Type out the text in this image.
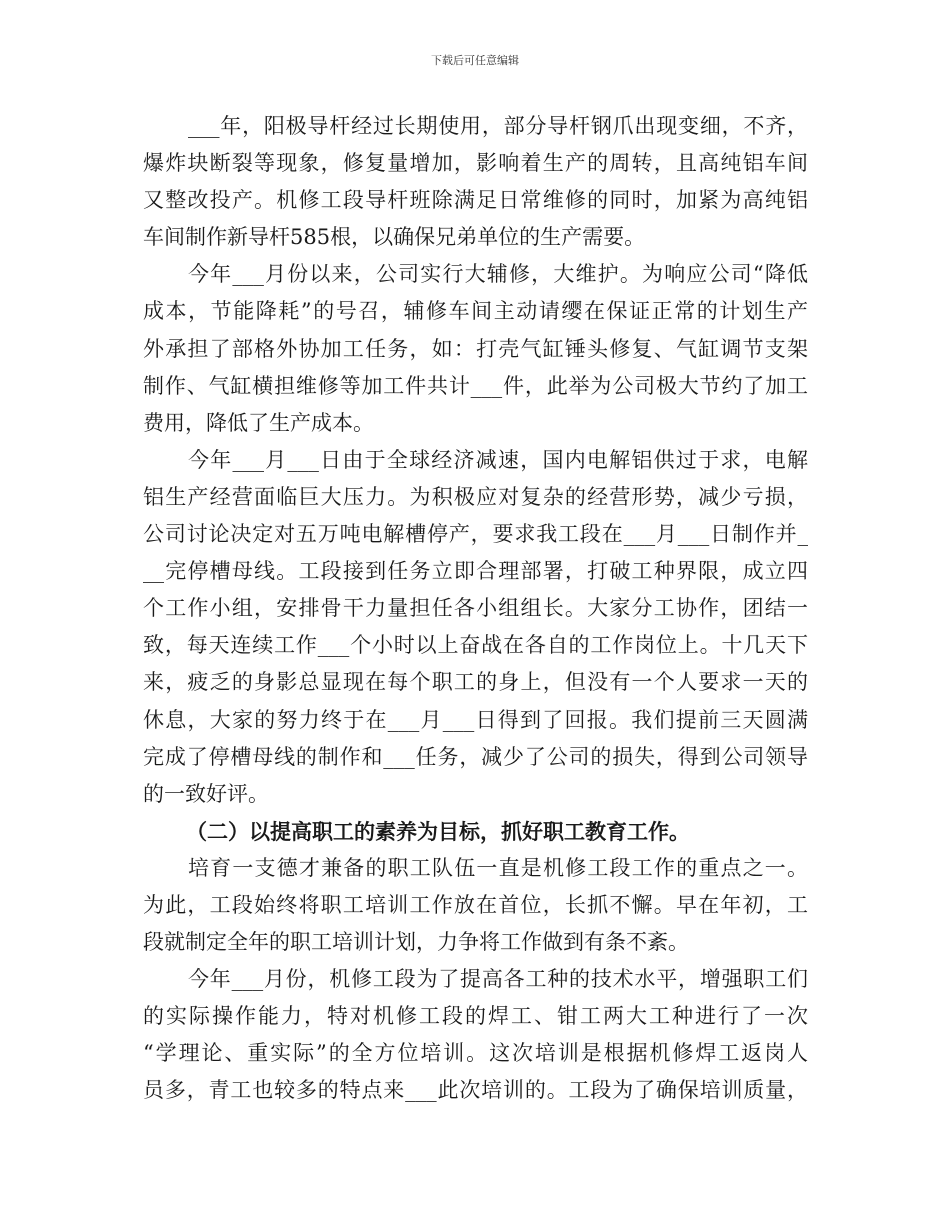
下载后可任意编辑
___年，阳极导杆经过长期使用，部分导杆钢爪出现变细，不齐，
爆炸块断裂等现象，修复量增加，影响着生产的周转，且高纯铝车间
又整改投产。机修工段导杆班除满足日常维修的同时，加紧为高纯铝
车间制作新导杆585根，以确保兄弟单位的生产需要。
今年___月份以来，公司实行大辅修，大维护。为响应公司“降低
成本，节能降耗”的号召，辅修车间主动请缨在保证正常的计划生产
外承担了部格外协加工任务，如：打壳气缸锤头修复、气缸调节支架
制作、气缸横担维修等加工件共计___件，此举为公司极大节约了加工
费用，降低了生产成本。
今年___月___日由于全球经济减速，国内电解铝供过于求，电解
铝生产经营面临巨大压力。为积极应对复杂的经营形势，减少亏损，
公司讨论决定对五万吨电解槽停产，要求我工段在___月___日制作并_
__完停槽母线。工段接到任务立即合理部署，打破工种界限，成立四
个工作小组，安排骨干力量担任各小组组长。大家分工协作，团结一
致，每天连续工作___个小时以上奋战在各自的工作岗位上。十几天下
来，疲乏的身影总显现在每个职工的身上，但没有一个人要求一天的
休息，大家的努力终于在___月___日得到了回报。我们提前三天圆满
完成了停槽母线的制作和___任务，减少了公司的损失，得到公司领导
的一致好评。
（二）以提高职工的素养为目标，抓好职工教育工作。
培育一支德才兼备的职工队伍一直是机修工段工作的重点之一。
为此，工段始终将职工培训工作放在首位，长抓不懈。早在年初，工
段就制定全年的职工培训计划，力争将工作做到有条不紊。
今年___月份，机修工段为了提高各工种的技术水平，增强职工们
的实际操作能力，特对机修工段的焊工、钳工两大工种进行了一次
“学理论、重实际”的全方位培训。这次培训是根据机修焊工返岗人
员多，青工也较多的特点来___此次培训的。工段为了确保培训质量，
